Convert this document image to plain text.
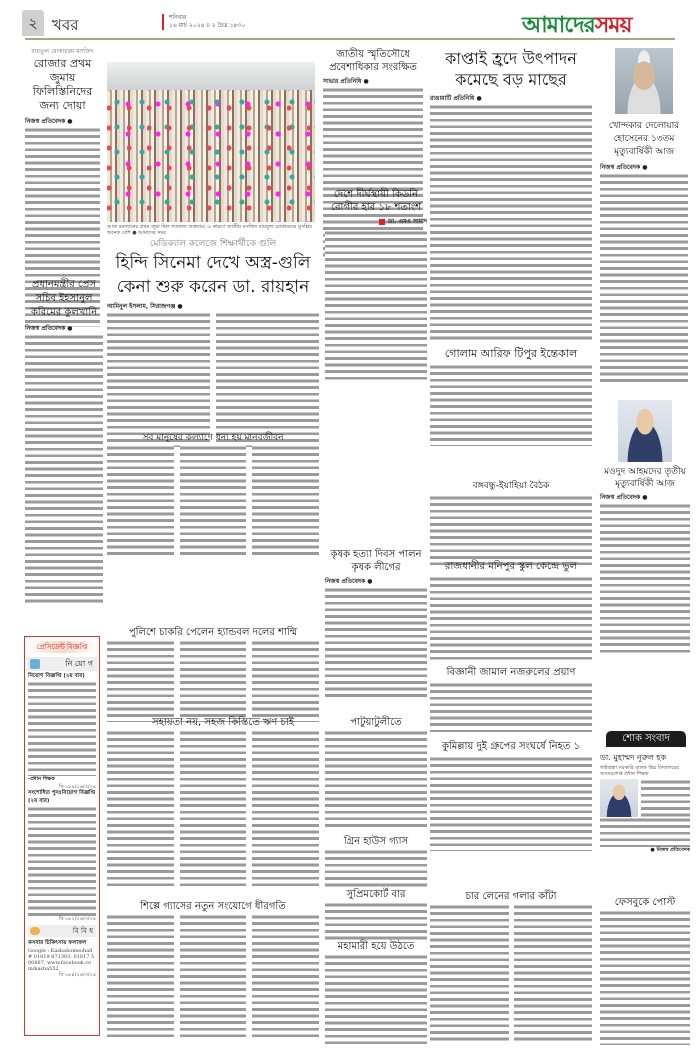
২ খবর	শনিবার
১৬ মার্চ ২০২৪ ॥ ২ চৈত্র ১৪৩০	আমাদেরসময়
বায়তুল মোকাররম মসজিদ
রোজার প্রথম জুমায় ফিলিস্তিনিদের জন্য দোয়া
নিজস্ব প্রতিবেদক ●
আজ রমজানের প্রথম জুমা ছিল গতকাল শুক্রবার। এ কারণে জাতীয় মসজিদ বায়তুল মোকাররমে মুসল্লির অনেক বেশি ● আমাদের সময়
জাতীয় স্মৃতিসৌধে প্রবেশাধিকার সংরক্ষিত
সাভার প্রতিনিধি ●
কাপ্তাই হ্রদে উৎপাদন কমেছে বড় মাছের
রাঙামাটি প্রতিনিধি ●
খোন্দকার দেলোয়ার হোসেনের ১৩তম মৃত্যুবার্ষিকী আজ
নিজস্ব প্রতিবেদক ●
প্রধানমন্ত্রীর প্রেস সচিব ইহসানুল করিমের কুলখানি
নিজস্ব প্রতিবেদক ●
মেডিক্যাল কলেজে শিক্ষার্থীকে গুলি
হিন্দি সিনেমা দেখে অস্ত্র-গুলি কেনা শুরু করেন ডা. রায়হান
আমিনুল ইসলাম, সিরাজগঞ্জ ●
দেশে দীর্ঘস্থায়ী কিডনি রোগীর হার ১৮ শতাংশ
ডা. এমএ সামাদ
গোলাম আরিফ টিপুর ইন্তেকাল
মওদুদ আহমদের তৃতীয় মৃত্যুবার্ষিকী আজ
নিজস্ব প্রতিবেদক ●
সব মানুষের কল্যাণে ধন্য হয় মানবজীবন
বঙ্গবন্ধু-ইয়াহিয়া বৈঠক
কৃষক হত্যা দিবস পালন কৃষক লীগের
নিজস্ব প্রতিবেদক ●
রাজধানীর মনিপুর স্কুল কেন্দ্রে ভুল
প্রেসিডেন্ট বিজ্ঞপ্তি
নি য়ো গ
নিয়োগ বিজ্ঞপ্তি (২য় বার)
-প্রধান শিক্ষক
বি-১৮৯/১৬/৩/২৪
সংশোধিত পুনঃনিয়োগ বিজ্ঞপ্তি (২য় বার)
বি-১৮২/১৬/৩/২৪
বি বি ধ
কসবার চিকিৎসায় ফলাফল
Google : Kasbahomeohall # 01819 871303, 01817 500887, www.facebook.com/kasba552
বি-১৮৪/১৬/৩/২৪
পুলিশে চাকরি পেলেন হ্যান্ডবল দলের শাম্মি
বিজ্ঞানী জামাল নজরুলের প্রয়াণ
পাটুয়াটুলীতে
শোক সংবাদ
ডা. মুহাম্মদ নূরুল হক
গাইবান্ধা সরকারি বালক উচ্চ বিদ্যালয়ের অবসরপ্রাপ্ত প্রধান শিক্ষক
● নিজস্ব প্রতিবেদক
সহায়তা নয়, সহজ কিস্তিতে ঋণ চাই
কুমিল্লায় দুই গ্রুপের সংঘর্ষে নিহত ১
গ্রিন হাউস গ্যাস
সুপ্রিমকোর্ট বার	চার লেনের গলার কাঁটা
শিল্পে গ্যাসের নতুন সংযোগে ধীরগতি
মহামারী হয়ে উঠতে
ফেসবুকে পোস্ট
